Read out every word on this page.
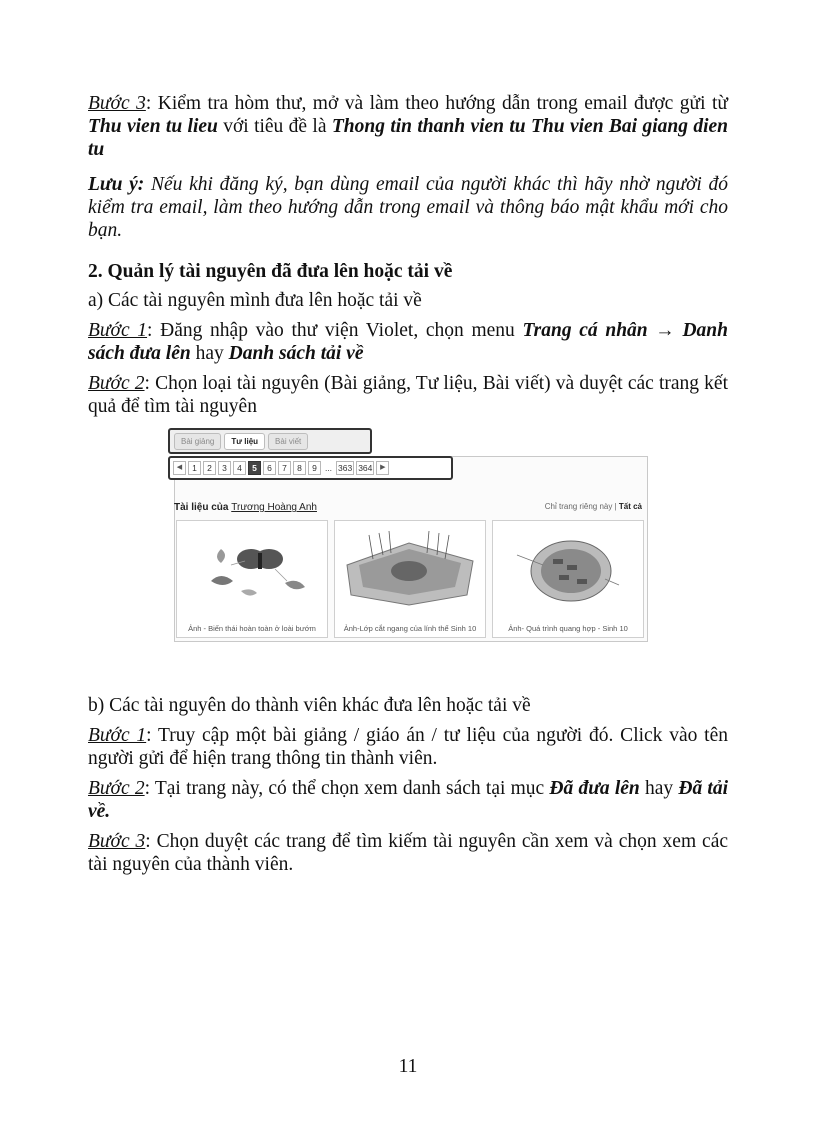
Bước 3: Kiểm tra hòm thư, mở và làm theo hướng dẫn trong email được gửi từ Thu vien tu lieu với tiêu đề là Thong tin thanh vien tu Thu vien Bai giang dien tu

Lưu ý: Nếu khi đăng ký, bạn dùng email của người khác thì hãy nhờ người đó kiểm tra email, làm theo hướng dẫn trong email và thông báo mật khẩu mới cho bạn.

2. Quản lý tài nguyên đã đưa lên hoặc tải về

a) Các tài nguyên mình đưa lên hoặc tải về

Bước 1: Đăng nhập vào thư viện Violet, chọn menu Trang cá nhân → Danh sách đưa lên hay Danh sách tải về

Bước 2: Chọn loại tài nguyên (Bài giảng, Tư liệu, Bài viết) và duyệt các trang kết quả để tìm tài nguyên

Bài giảng	Tư liệu	Bài viết
◀	1	2	3	4	5	6	7	8	9 ... 363 364	▶
Tài liệu của Trương Hoàng Anh	Chỉ trang riêng này | Tất cả
Ảnh - Biến thái hoàn toàn ở loài bướm	Ảnh-Lớp cắt ngang của lính thể Sinh 10	Ảnh- Quá trình quang hợp - Sinh 10

b) Các tài nguyên do thành viên khác đưa lên hoặc tải về

Bước 1: Truy cập một bài giảng / giáo án / tư liệu của người đó. Click vào tên người gửi để hiện trang thông tin thành viên.

Bước 2: Tại trang này, có thể chọn xem danh sách tại mục Đã đưa lên hay Đã tải về.

Bước 3: Chọn duyệt các trang để tìm kiếm tài nguyên cần xem và chọn xem các tài nguyên của thành viên.

11
